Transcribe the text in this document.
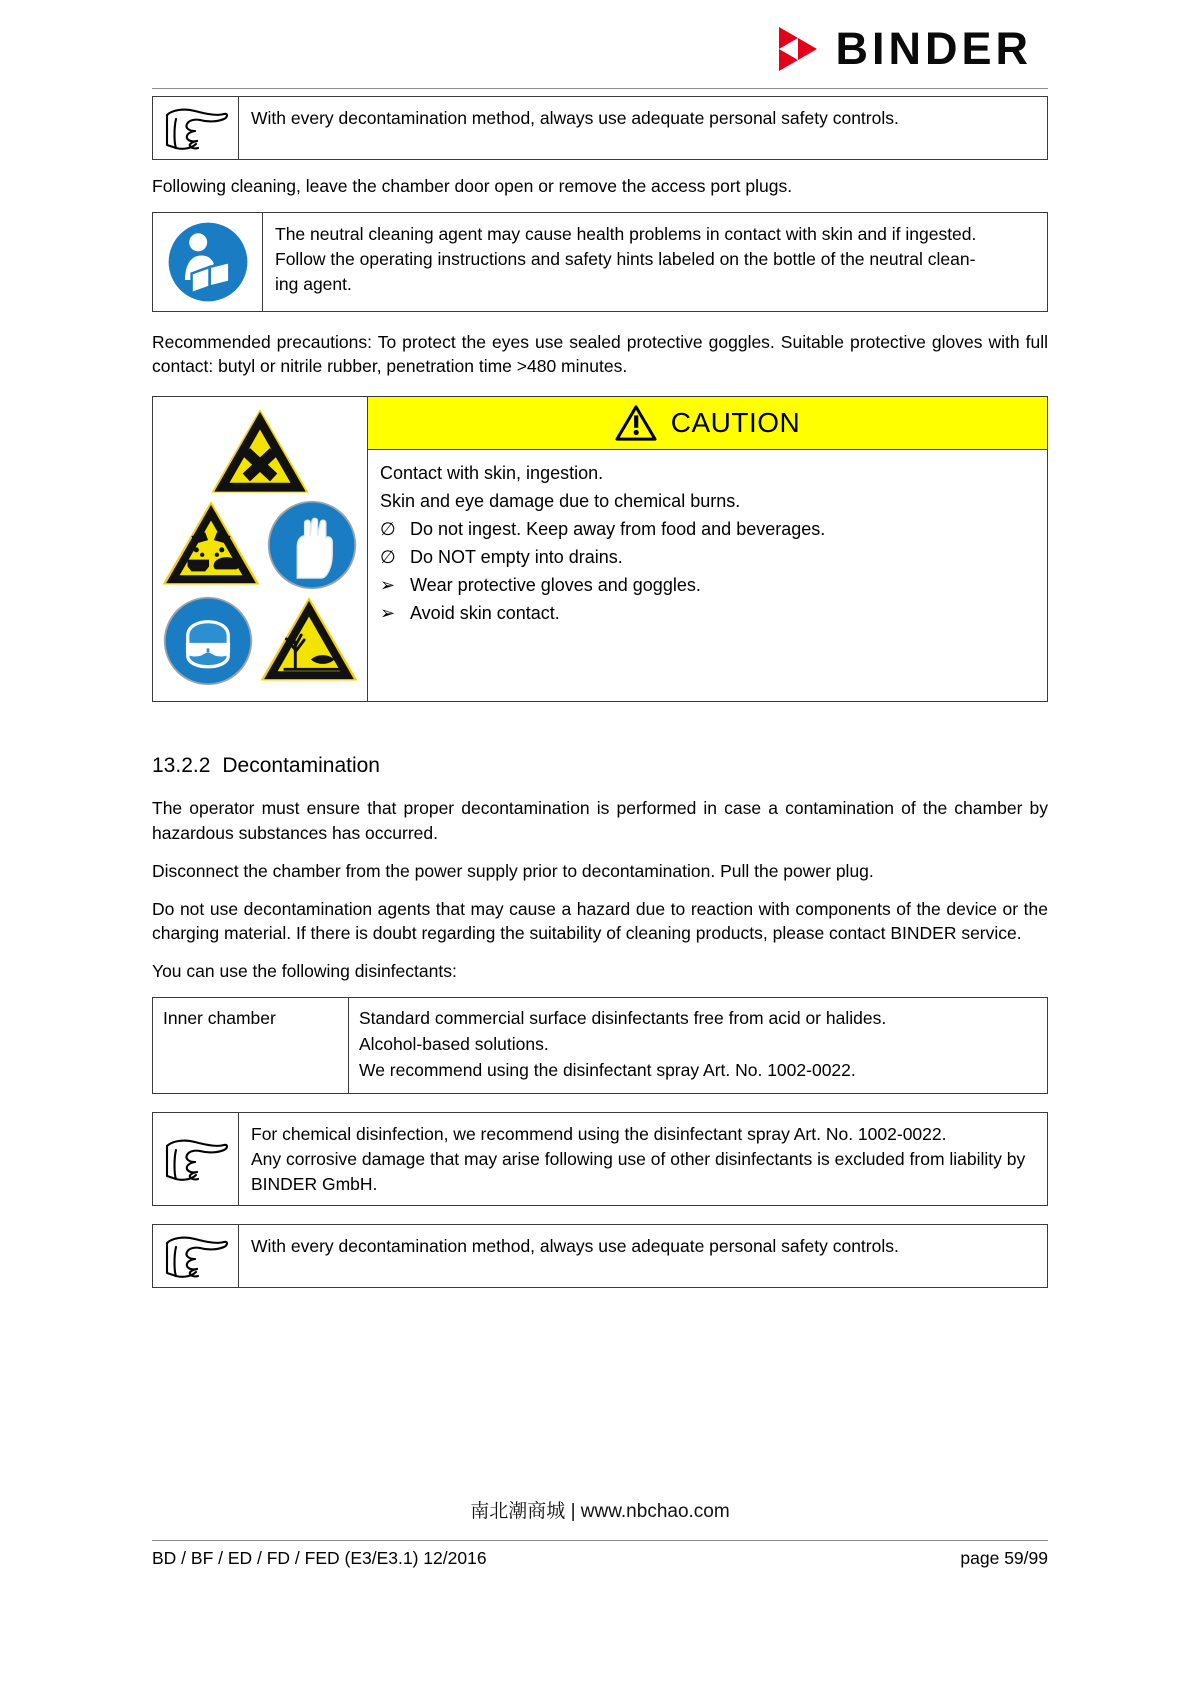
BINDER
With every decontamination method, always use adequate personal safety controls.

Following cleaning, leave the chamber door open or remove the access port plugs.

The neutral cleaning agent may cause health problems in contact with skin and if ingested.
Follow the operating instructions and safety hints labeled on the bottle of the neutral clean-
ing agent.

Recommended precautions: To protect the eyes use sealed protective goggles. Suitable protective gloves with full contact: butyl or nitrile rubber, penetration time >480 minutes.

CAUTION
Contact with skin, ingestion.
Skin and eye damage due to chemical burns.
∅ Do not ingest. Keep away from food and beverages.
∅ Do NOT empty into drains.
➢ Wear protective gloves and goggles.
➢ Avoid skin contact.
13.2.2 Decontamination

The operator must ensure that proper decontamination is performed in case a contamination of the chamber by hazardous substances has occurred.

Disconnect the chamber from the power supply prior to decontamination. Pull the power plug.

Do not use decontamination agents that may cause a hazard due to reaction with components of the device or the charging material. If there is doubt regarding the suitability of cleaning products, please contact BINDER service.

You can use the following disinfectants:

Inner chamber	Standard commercial surface disinfectants free from acid or halides.
Alcohol-based solutions.
We recommend using the disinfectant spray Art. No. 1002-0022.
For chemical disinfection, we recommend using the disinfectant spray Art. No. 1002-0022.
Any corrosive damage that may arise following use of other disinfectants is excluded from liability by BINDER GmbH.
With every decontamination method, always use adequate personal safety controls.
南北潮商城 | www.nbchao.com
BD / BF / ED / FD / FED (E3/E3.1) 12/2016	page 59/99
